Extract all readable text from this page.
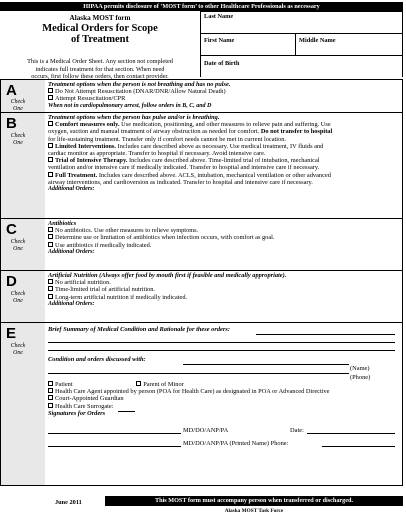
HIPAA permits disclosure of ‘MOST form’ to other Healthcare Professionals as necessary
Alaska MOST form
Medical Orders for Scope
of Treatment
This is a Medical Order Sheet. Any section not completed
indicates full treatment for that section. When need
occurs, first follow these orders, then contact provider.
Last Name
First Name	Middle Name
Date of Birth
A
Check
One
Treatment options when the person is not breathing and has no pulse.
Do Not Attempt Resuscitation (DNAR/DNR/Allow Natural Death)
Attempt Resuscitation/CPR
When not in cardiopulmonary arrest, follow orders in B, C, and D
B
Check
One
Treatment options when the person has pulse and/or is breathing.
Comfort measures only. Use medication, positioning, and other measures to relieve pain and suffering. Use
oxygen, suction and manual treatment of airway obstruction as needed for comfort. Do not transfer to hospital
for life-sustaining treatment. Transfer only if comfort needs cannot be met in current location.
Limited Interventions. Includes care described above as necessary. Use medical treatment, IV fluids and
cardiac monitor as appropriate. Transfer to hospital if necessary. Avoid intensive care.
Trial of Intensive Therapy. Includes care described above. Time-limited trial of intubation, mechanical
ventilation and/or intensive care if medically indicated. Transfer to hospital and intensive care if necessary.
Full Treatment. Includes care described above. ACLS, intubation, mechanical ventilation or other advanced
airway interventions, and cardioversion as indicated. Transfer to hospital and intensive care if necessary.
Additional Orders:
C
Check
One
Antibiotics
No antibiotics. Use other measures to relieve symptoms.
Determine use or limitation of antibiotics when infection occurs, with comfort as goal.
Use antibiotics if medically indicated.
Additional Orders:
D
Check
One
Artificial Nutrition (Always offer food by mouth first if feasible and medically appropriate).
No artificial nutrition.
Time-limited trial of artificial nutrition.
Long-term artificial nutrition if medically indicated.
Additional Orders:
E
Check
One
Brief Summary of Medical Condition and Rationale for these orders:
Condition and orders discussed with:
(Name)
(Phone)
Patient	Parent of Minor
Health Care Agent appointed by person (POA for Health Care) as designated in POA or Advanced Directive
Court-Appointed Guardian
Health Care Surrogate:
Signatures for Orders
MD/DO/ANP/PA	Date:
MD/DO/ANP/PA (Printed Name) Phone:
June 2011	This MOST form must accompany person when transferred or discharged.
Alaska MOST Task Force
